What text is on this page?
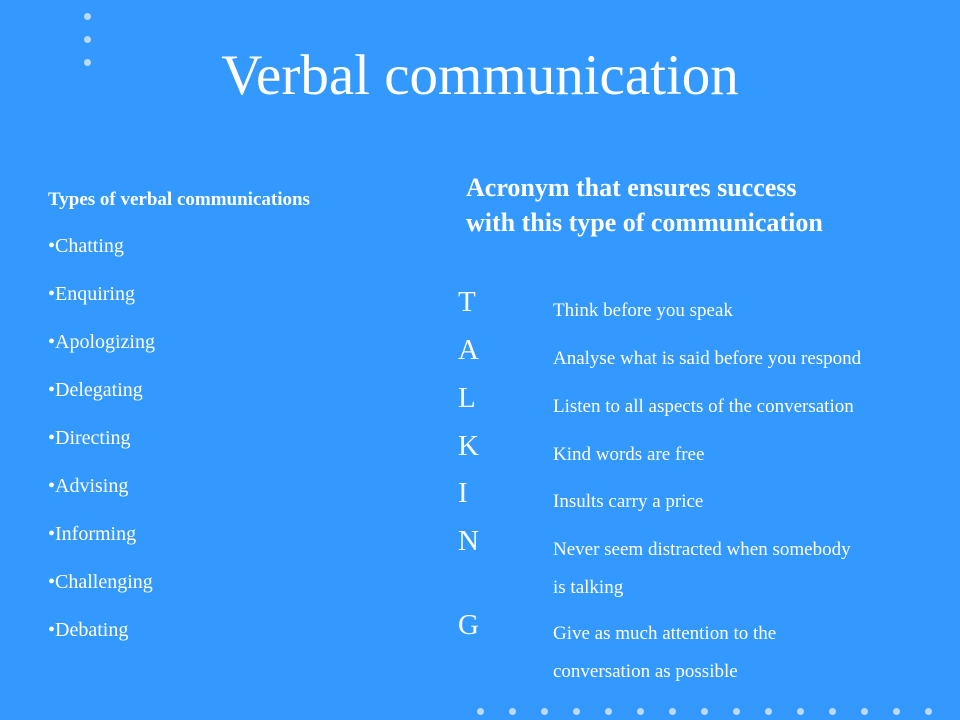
Verbal communication
Types of verbal communications
•Chatting
•Enquiring
•Apologizing
•Delegating
•Directing
•Advising
•Informing
•Challenging
•Debating
Acronym that ensures success
with this type of communication
T	Think before you speak
A	Analyse what is said before you respond
L	Listen to all aspects of the conversation
K	Kind words are free
I	Insults carry a price
N	Never seem distracted when somebody
is talking
G	Give as much attention to the
conversation as possible
